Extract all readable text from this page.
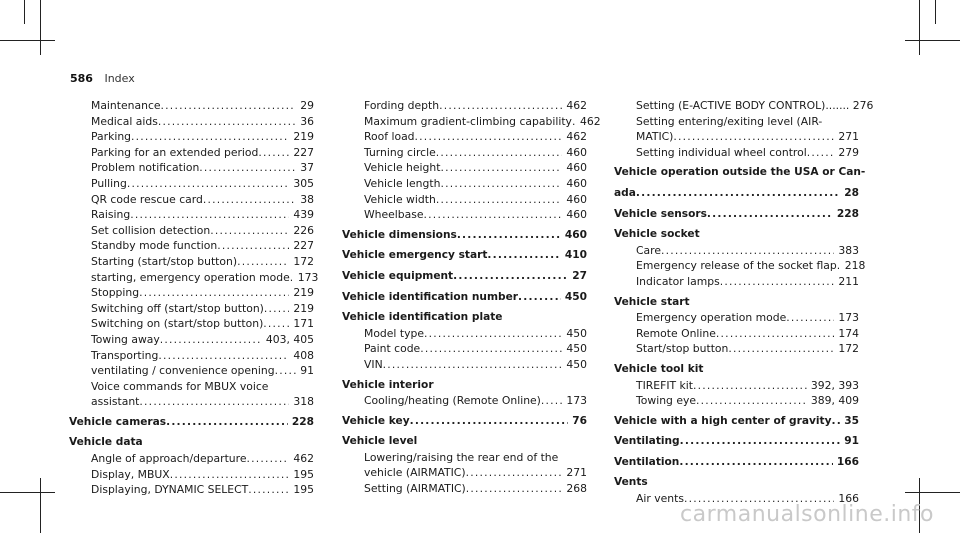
586 Index
Maintenance .....	29
Medical aids .....	36
Parking .....	219
Parking for an extended period .....	227
Problem notification .....	37
Pulling .....	305
QR code rescue card .....	38
Raising .....	439
Set collision detection .....	226
Standby mode function .....	227
Starting (start/stop button) .....	172
starting, emergency operation mode ..... 173
Stopping .....	219
Switching off (start/stop button) .....	219
Switching on (start/stop button) .....	171
Towing away .....	403, 405
Transporting .....	408
ventilating / convenience opening .....	91
Voice commands for MBUX voice
assistant .....	318
Vehicle cameras .....	228
Vehicle data
Angle of approach/departure .....	462
Display, MBUX .....	195
Displaying, DYNAMIC SELECT .....	195
Fording depth .....	462
Maximum gradient-climbing capability ..... 462
Roof load .....	462
Turning circle .....	460
Vehicle height .....	460
Vehicle length .....	460
Vehicle width .....	460
Wheelbase .....	460
Vehicle dimensions .....	460
Vehicle emergency start .....	410
Vehicle equipment .....	27
Vehicle identification number .....	450
Vehicle identification plate
Model type .....	450
Paint code .....	450
VIN .....	450
Vehicle interior
Cooling/heating (Remote Online) .....	173
Vehicle key .....	76
Vehicle level
Lowering/raising the rear end of the
vehicle (AIRMATIC) .....	271
Setting (AIRMATIC) .....	268
Setting (E-ACTIVE BODY CONTROL)....... 276
Setting entering/exiting level (AIR-
MATIC) .....	271
Setting individual wheel control .....	279
Vehicle operation outside the USA or Can-
ada .....	28
Vehicle sensors .....	228
Vehicle socket
Care .....	383
Emergency release of the socket flap ..... 218
Indicator lamps .....	211
Vehicle start
Emergency operation mode .....	173
Remote Online .....	174
Start/stop button .....	172
Vehicle tool kit
TIREFIT kit .....	392, 393
Towing eye .....	389, 409
Vehicle with a high center of gravity .....	35
Ventilating .....	91
Ventilation .....	166
Vents
Air vents .....	166
carmanualsonline.info
